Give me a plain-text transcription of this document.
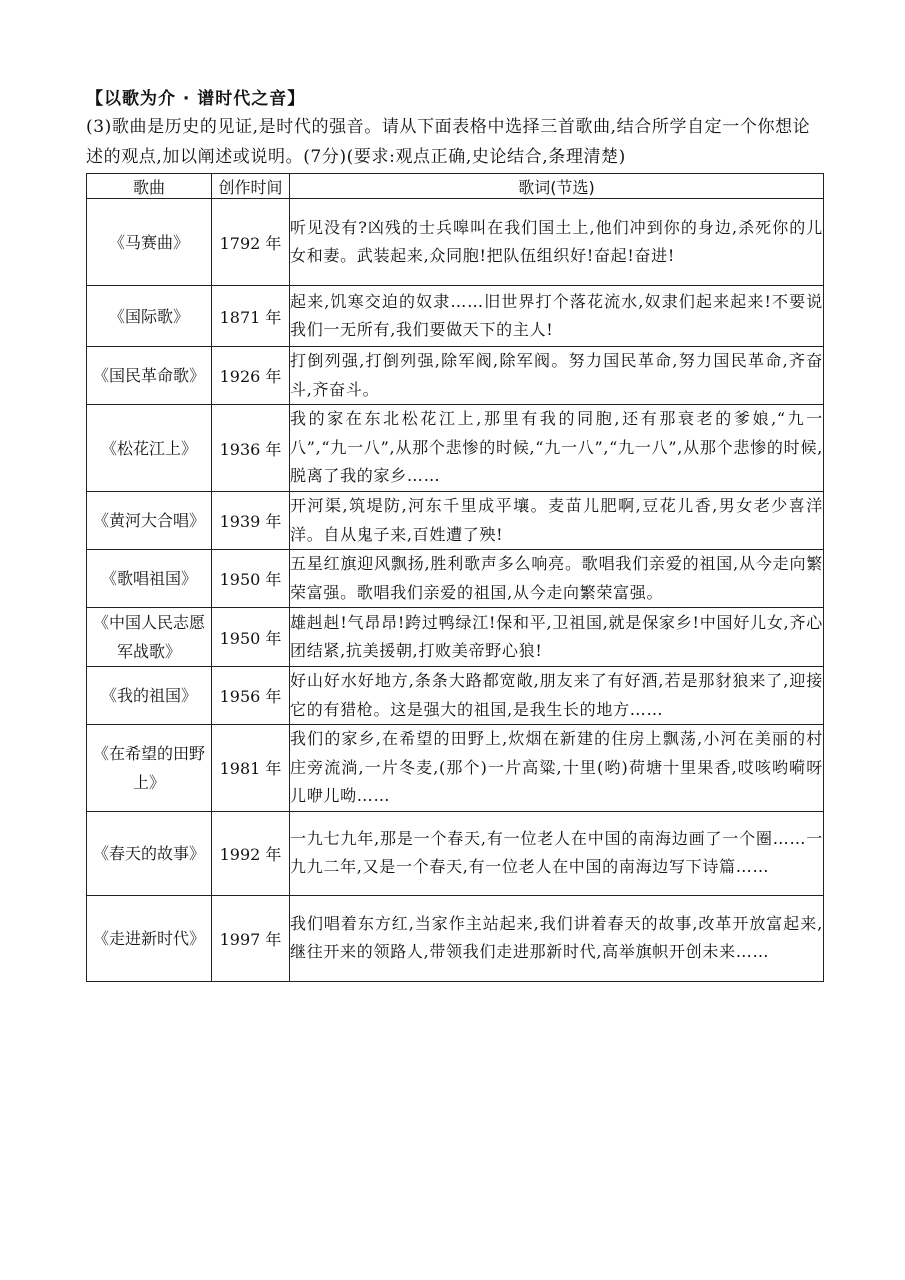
【以歌为介 · 谱时代之音】
(3)歌曲是历史的见证,是时代的强音。请从下面表格中选择三首歌曲,结合所学自定一个你想论述的观点,加以阐述或说明。(7分)(要求:观点正确,史论结合,条理清楚)
歌曲	创作时间	歌词(节选)
《马赛曲》	1792 年	听见没有?凶残的士兵嗥叫在我们国土上,他们冲到你的身边,杀死你的儿女和妻。武装起来,众同胞!把队伍组织好!奋起!奋进!
《国际歌》	1871 年	起来,饥寒交迫的奴隶……旧世界打个落花流水,奴隶们起来起来!不要说我们一无所有,我们要做天下的主人!
《国民革命歌》	1926 年	打倒列强,打倒列强,除军阀,除军阀。努力国民革命,努力国民革命,齐奋斗,齐奋斗。
《松花江上》	1936 年	我的家在东北松花江上,那里有我的同胞,还有那衰老的爹娘,“九一八”,“九一八”,从那个悲惨的时候,“九一八”,“九一八”,从那个悲惨的时候,脱离了我的家乡……
《黄河大合唱》	1939 年	开河渠,筑堤防,河东千里成平壤。麦苗儿肥啊,豆花儿香,男女老少喜洋洋。自从鬼子来,百姓遭了殃!
《歌唱祖国》	1950 年	五星红旗迎风飘扬,胜利歌声多么响亮。歌唱我们亲爱的祖国,从今走向繁荣富强。歌唱我们亲爱的祖国,从今走向繁荣富强。
《中国人民志愿军战歌》	1950 年	雄赳赳!气昂昂!跨过鸭绿江!保和平,卫祖国,就是保家乡!中国好儿女,齐心团结紧,抗美援朝,打败美帝野心狼!
《我的祖国》	1956 年	好山好水好地方,条条大路都宽敞,朋友来了有好酒,若是那豺狼来了,迎接它的有猎枪。这是强大的祖国,是我生长的地方……
《在希望的田野上》	1981 年	我们的家乡,在希望的田野上,炊烟在新建的住房上飘荡,小河在美丽的村庄旁流淌,一片冬麦,(那个)一片高粱,十里(哟)荷塘十里果香,哎咳哟嗬呀儿咿儿呦……
《春天的故事》	1992 年	一九七九年,那是一个春天,有一位老人在中国的南海边画了一个圈……一九九二年,又是一个春天,有一位老人在中国的南海边写下诗篇……
《走进新时代》	1997 年	我们唱着东方红,当家作主站起来,我们讲着春天的故事,改革开放富起来,继往开来的领路人,带领我们走进那新时代,高举旗帜开创未来……
